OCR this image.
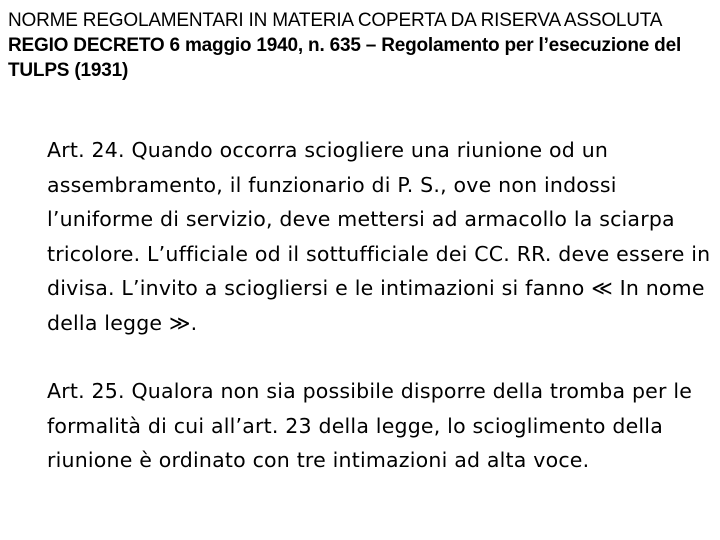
NORME REGOLAMENTARI IN MATERIA COPERTA DA RISERVA ASSOLUTA
REGIO DECRETO 6 maggio 1940, n. 635 – Regolamento per l’esecuzione del TULPS (1931)

Art. 24. Quando occorra sciogliere una riunione od un assembramento, il funzionario di P. S., ove non indossi l’uniforme di servizio, deve mettersi ad armacollo la sciarpa tricolore. L’ufficiale od il sottufficiale dei CC. RR. deve essere in divisa. L’invito a sciogliersi e le intimazioni si fanno ≪ In nome della legge ≫.

Art. 25. Qualora non sia possibile disporre della tromba per le formalità di cui all’art. 23 della legge, lo scioglimento della riunione è ordinato con tre intimazioni ad alta voce.
